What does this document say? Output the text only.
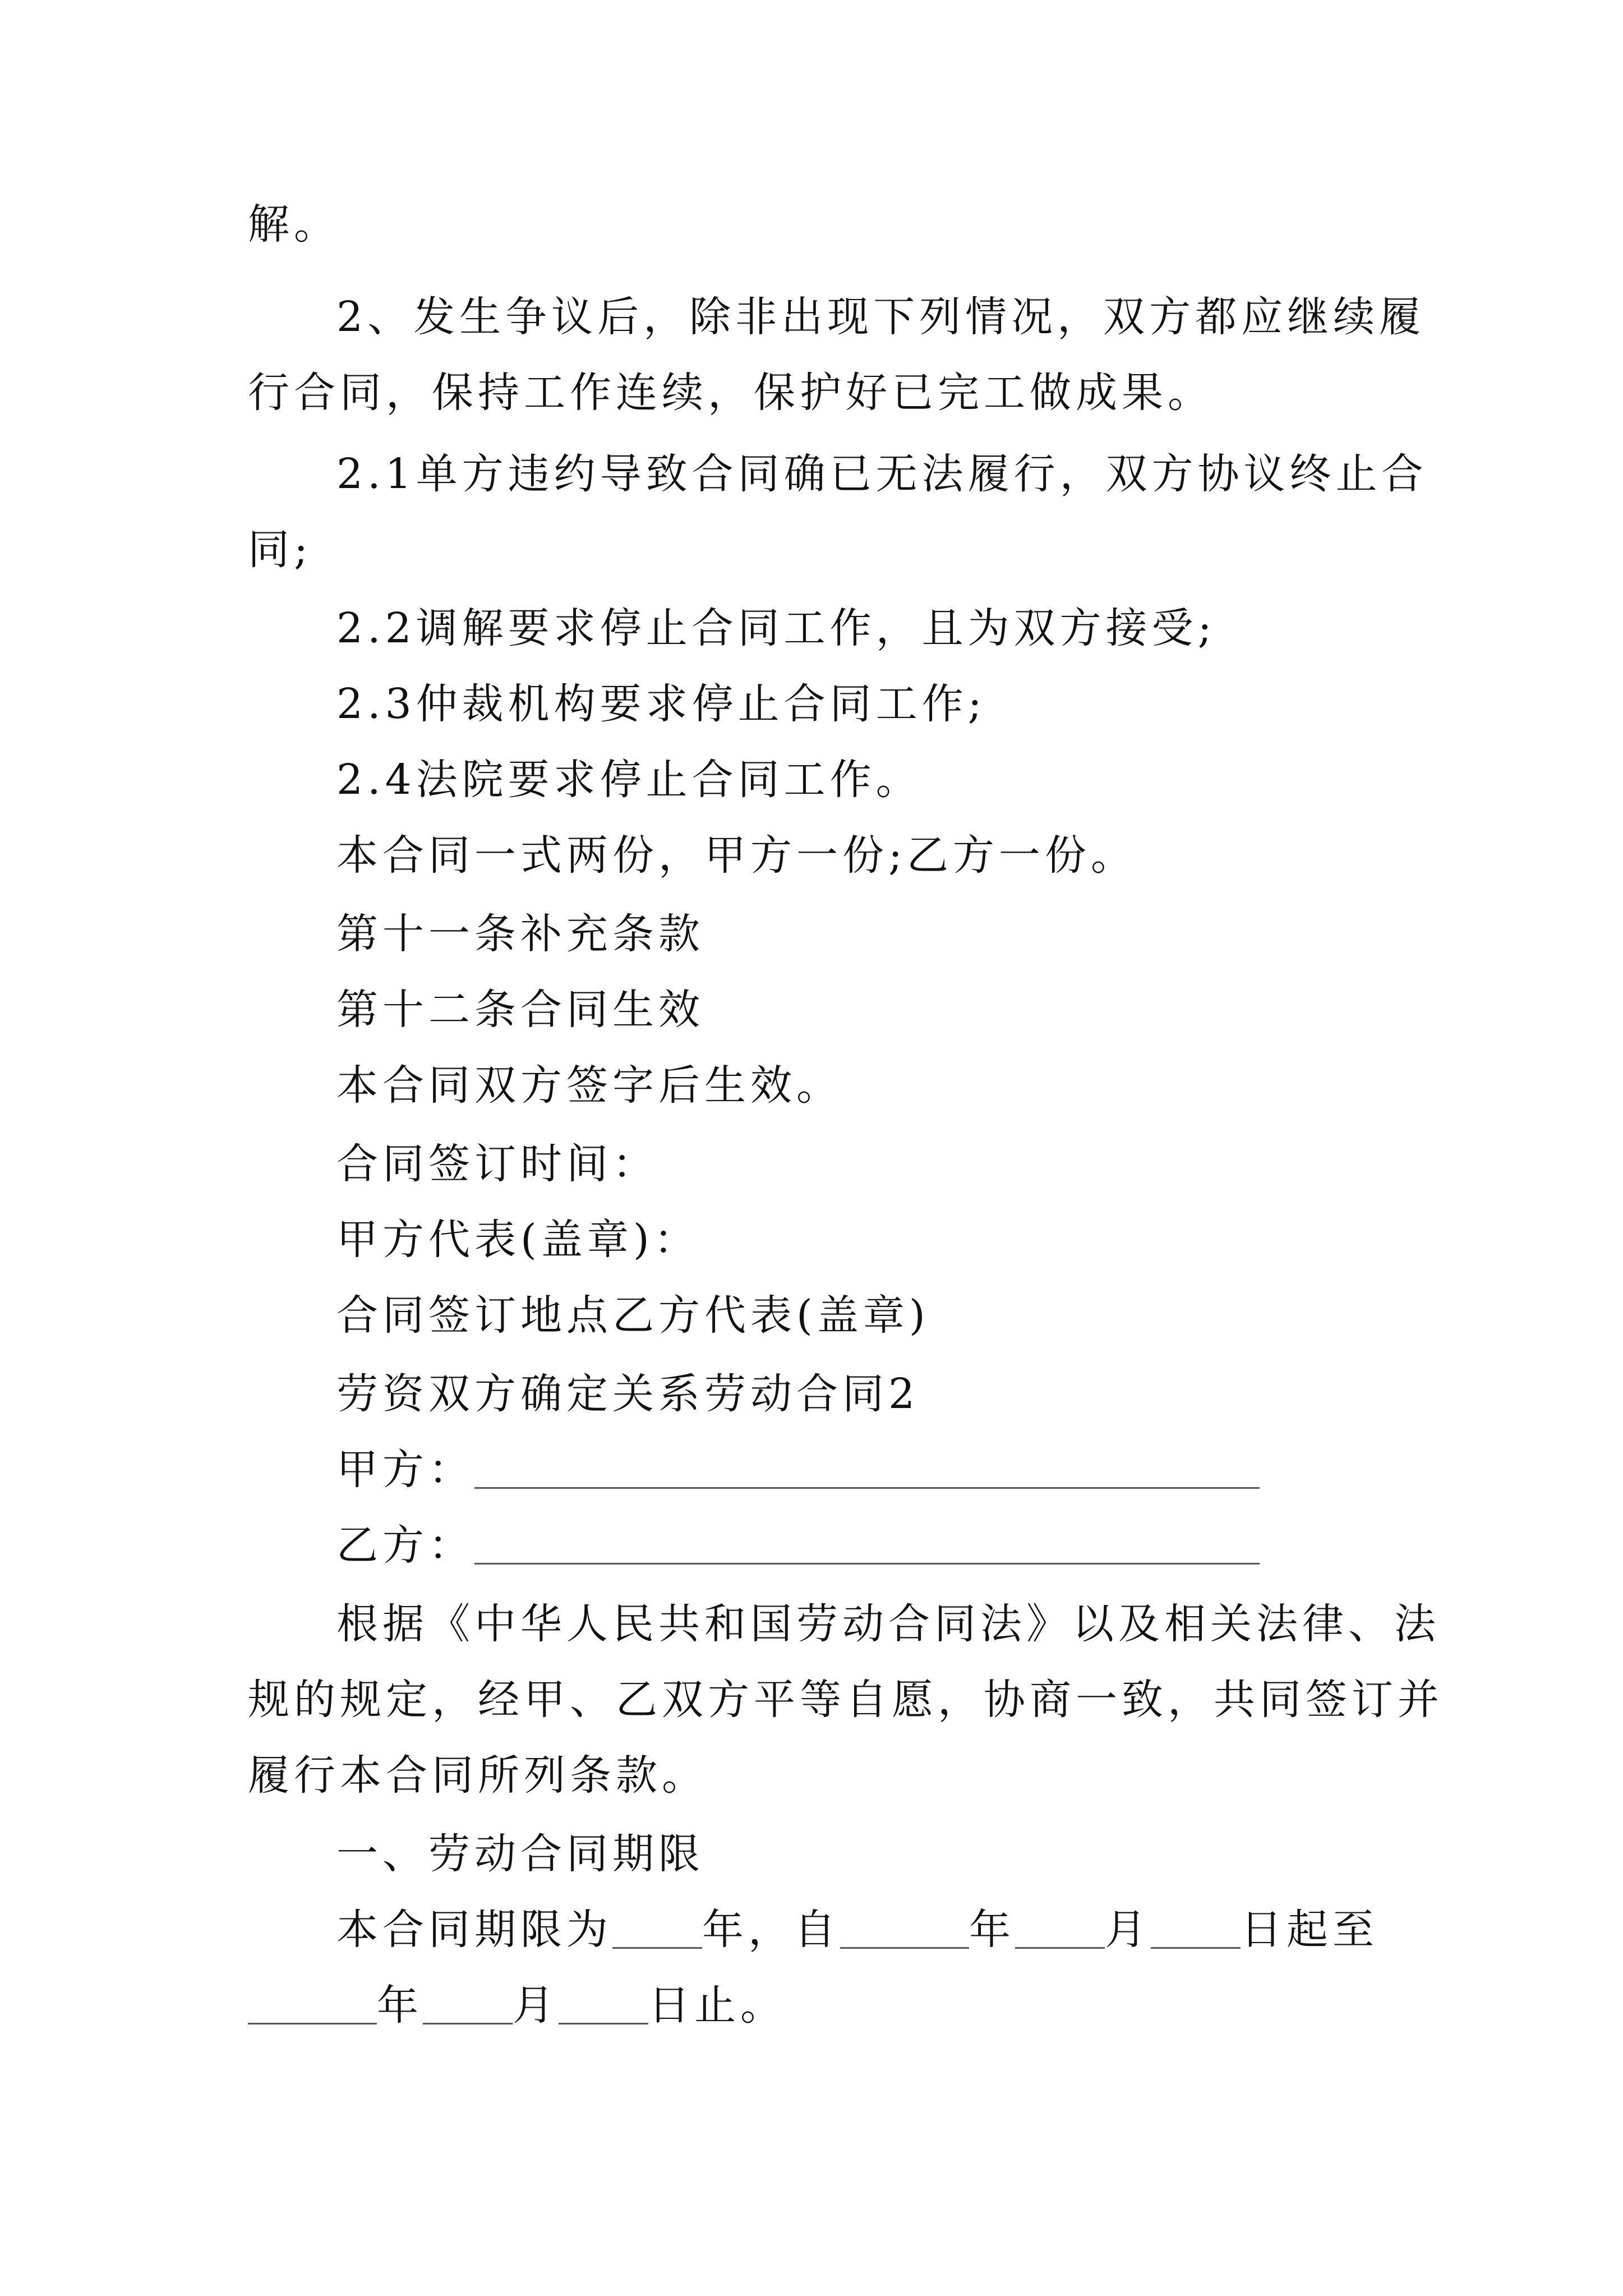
解。
2、发生争议后，除非出现下列情况，双方都应继续履
行合同，保持工作连续，保护好已完工做成果。
2.1单方违约导致合同确已无法履行，双方协议终止合
同;
2.2调解要求停止合同工作，且为双方接受;
2.3仲裁机构要求停止合同工作;
2.4法院要求停止合同工作。
本合同一式两份，甲方一份;乙方一份。
第十一条补充条款
第十二条合同生效
本合同双方签字后生效。
合同签订时间：
甲方代表(盖章)：
合同签订地点乙方代表(盖章)
劳资双方确定关系劳动合同2
甲方：
乙方：
根据《中华人民共和国劳动合同法》以及相关法律、法
规的规定，经甲、乙双方平等自愿，协商一致，共同签订并
履行本合同所列条款。
一、劳动合同期限
本合同期限为 年，自	年 月 日起至
年 月 日止。
